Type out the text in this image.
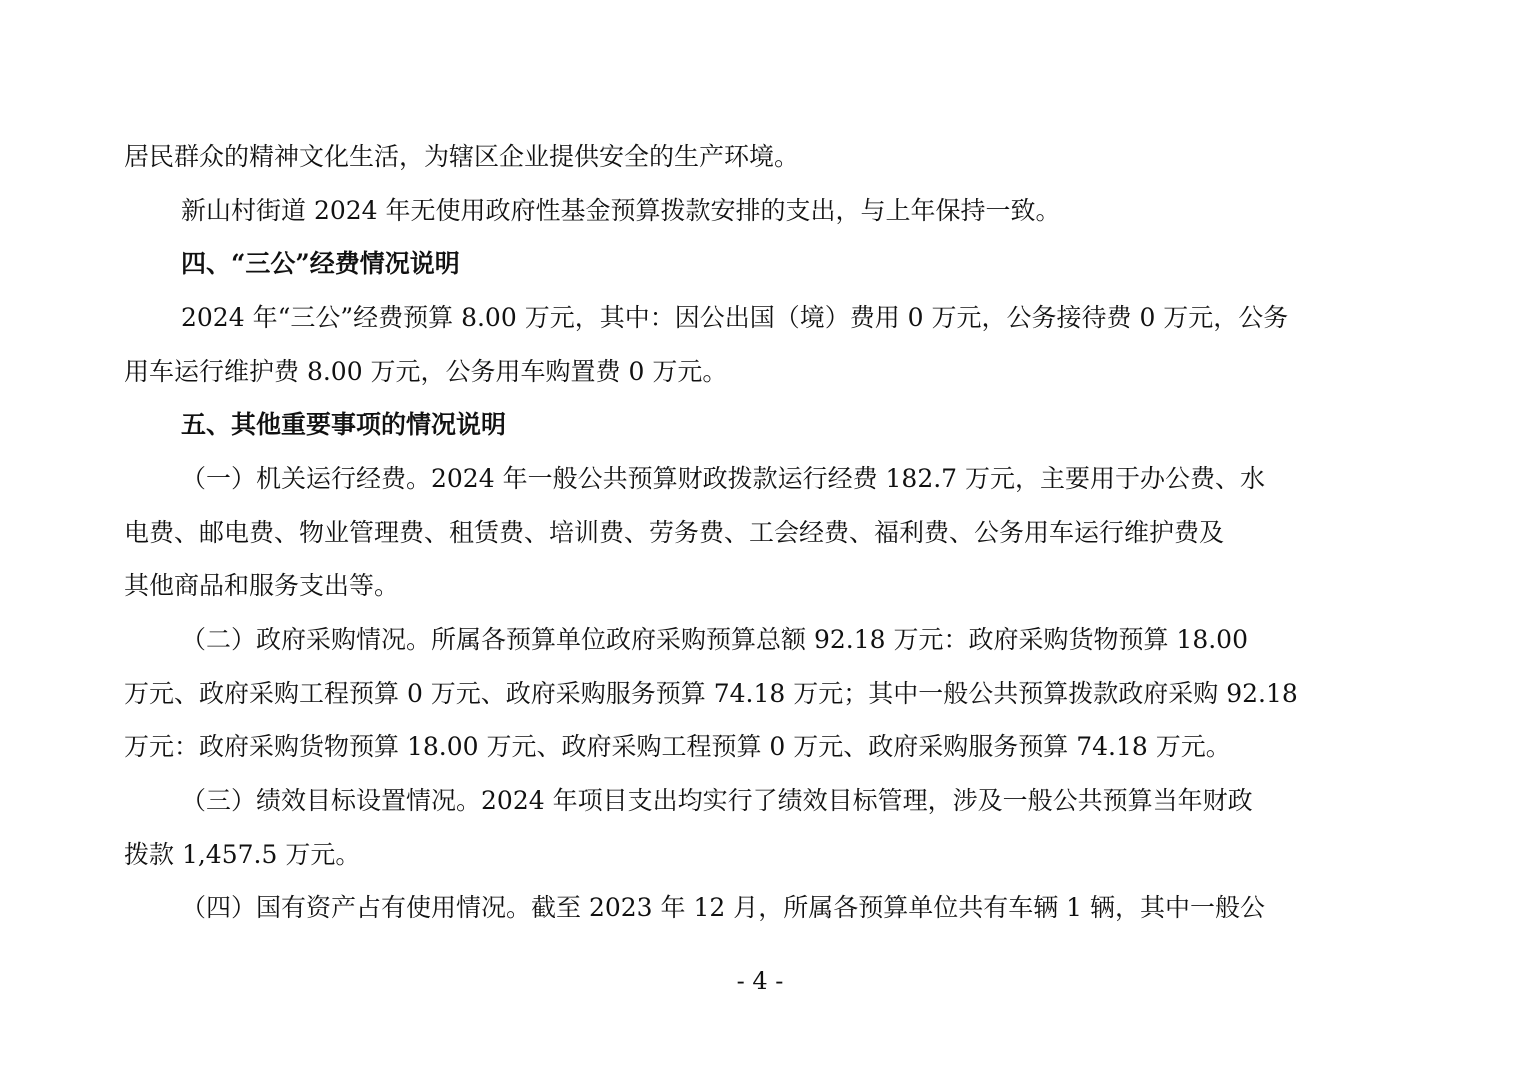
居民群众的精神文化生活，为辖区企业提供安全的生产环境。
新山村街道 2024 年无使用政府性基金预算拨款安排的支出，与上年保持一致。
四、“三公”经费情况说明
2024 年“三公”经费预算 8.00 万元，其中：因公出国（境）费用 0 万元，公务接待费 0 万元，公务
用车运行维护费 8.00 万元，公务用车购置费 0 万元。
五、其他重要事项的情况说明
（一）机关运行经费。2024 年一般公共预算财政拨款运行经费 182.7 万元，主要用于办公费、水
电费、邮电费、物业管理费、租赁费、培训费、劳务费、工会经费、福利费、公务用车运行维护费及
其他商品和服务支出等。
（二）政府采购情况。所属各预算单位政府采购预算总额 92.18 万元：政府采购货物预算 18.00
万元、政府采购工程预算 0 万元、政府采购服务预算 74.18 万元；其中一般公共预算拨款政府采购 92.18
万元：政府采购货物预算 18.00 万元、政府采购工程预算 0 万元、政府采购服务预算 74.18 万元。
（三）绩效目标设置情况。2024 年项目支出均实行了绩效目标管理，涉及一般公共预算当年财政
拨款 1,457.5 万元。
（四）国有资产占有使用情况。截至 2023 年 12 月，所属各预算单位共有车辆 1 辆，其中一般公
- 4 -
